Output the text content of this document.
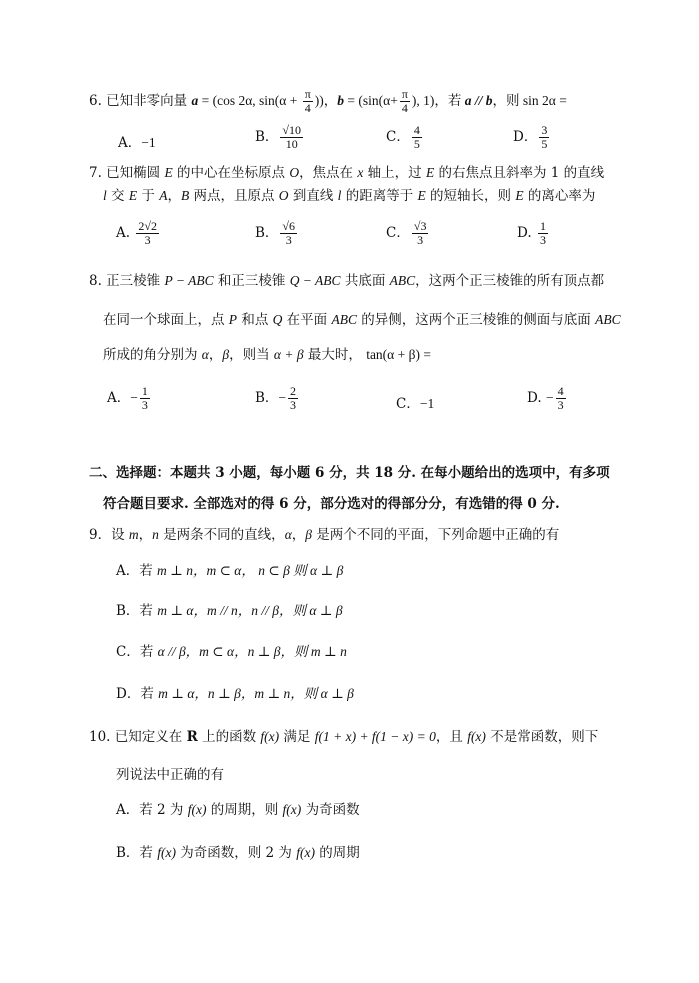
6. 已知非零向量 a = (cos 2α, $\sin(\alpha + \frac{\pi}{4}$ ))，$b = (\sin(\alpha+ \frac{\pi}{4}$ ), 1)，若 a // b，则 sin 2α =
A．−1	B． $\frac{√10}{10}$	C． $\frac{4}{5}$	D． $\frac{3}{5}$
7. 已知椭圆 E 的中心在坐标原点 O，焦点在 x 轴上，过 E 的右焦点且斜率为 1 的直线
l 交 E 于 A，B 两点，且原点 O 到直线 l 的距离等于 E 的短轴长，则 E 的离心率为
A. $\frac{2√2}{3}$	B． $\frac{√6}{3}$	C． $\frac{√3}{3}$	D. $\frac{1}{3}$
8. 正三棱锥 P − ABC 和正三棱锥 Q − ABC 共底面 ABC，这两个正三棱锥的所有顶点都
在同一个球面上，点 P 和点 Q 在平面 ABC 的异侧，这两个正三棱锥的侧面与底面 ABC
所成的角分别为 α，β，则当 α + β 最大时， tan(α + β) =
A．− $\frac{1}{3}$	B．− $\frac{2}{3}$	C．−1	D. − $\frac{4}{3}$
二、选择题：本题共 3 小题，每小题 6 分，共 18 分. 在每小题给出的选项中，有多项
符合题目要求. 全部选对的得 6 分，部分选对的得部分分，有选错的得 0 分.
9．设 m，n 是两条不同的直线，α，β 是两个不同的平面，下列命题中正确的有
A．若 m ⊥ n，m ⊂ α， n ⊂ β 则 α ⊥ β
B．若 m ⊥ α，m // n，n // β，则 α ⊥ β
C．若 α // β，m ⊂ α，n ⊥ β，则 m ⊥ n
D．若 m ⊥ α，n ⊥ β，m ⊥ n，则 α ⊥ β
10. 已知定义在 R 上的函数 f(x) 满足 f(1 + x) + f(1 − x) = 0，且 f(x) 不是常函数，则下
列说法中正确的有
A．若 2 为 f(x) 的周期，则 f(x) 为奇函数
B．若 f(x) 为奇函数，则 2 为 f(x) 的周期
